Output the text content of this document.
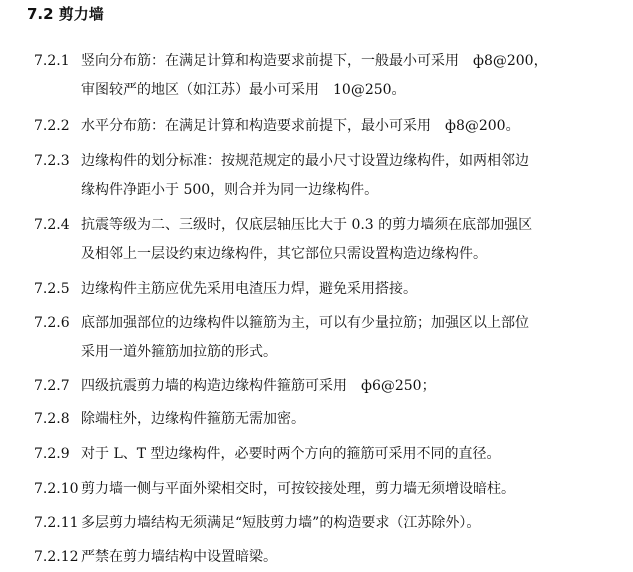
7.2 剪力墙
7.2.1 竖向分布筋：在满足计算和构造要求前提下，一般最小可采用　ф8@200，
审图较严的地区（如江苏）最小可采用　10@250。
7.2.2 水平分布筋：在满足计算和构造要求前提下，最小可采用　ф8@200。
7.2.3 边缘构件的划分标准：按规范规定的最小尺寸设置边缘构件，如两相邻边
缘构件净距小于 500，则合并为同一边缘构件。
7.2.4 抗震等级为二、三级时，仅底层轴压比大于 0.3 的剪力墙须在底部加强区
及相邻上一层设约束边缘构件，其它部位只需设置构造边缘构件。
7.2.5 边缘构件主筋应优先采用电渣压力焊，避免采用搭接。
7.2.6 底部加强部位的边缘构件以箍筋为主，可以有少量拉筋；加强区以上部位
采用一道外箍筋加拉筋的形式。
7.2.7 四级抗震剪力墙的构造边缘构件箍筋可采用　ф6@250；
7.2.8 除端柱外，边缘构件箍筋无需加密。
7.2.9 对于 L、T 型边缘构件，必要时两个方向的箍筋可采用不同的直径。
7.2.10 剪力墙一侧与平面外梁相交时，可按铰接处理，剪力墙无须增设暗柱。
7.2.11 多层剪力墙结构无须满足“短肢剪力墙”的构造要求（江苏除外）。
7.2.12 严禁在剪力墙结构中设置暗梁。
